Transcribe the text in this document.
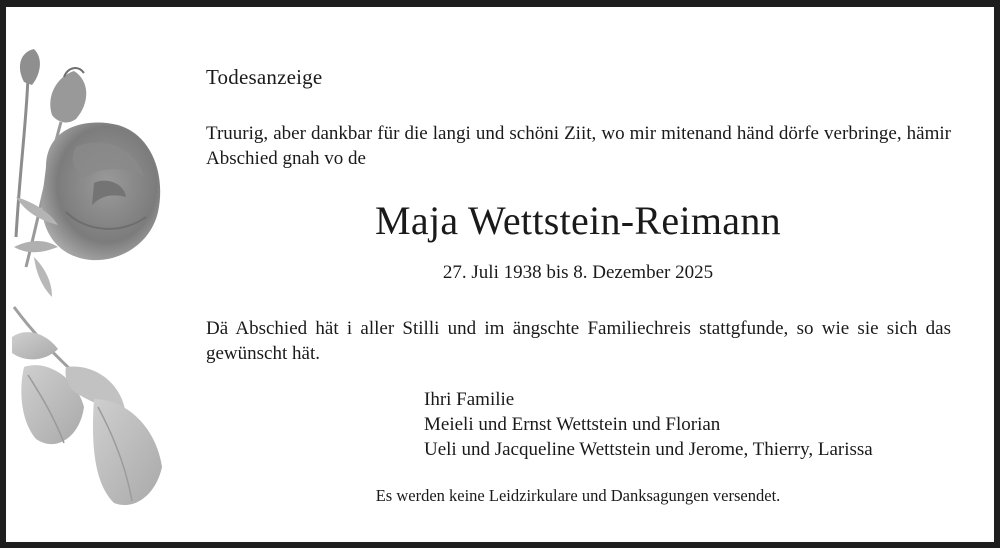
Todesanzeige
Truurig, aber dankbar für die langi und schöni Ziit, wo mir mitenand händ dörfe verbringe, hämir Abschied gnah vo de
Maja Wettstein-Reimann
27. Juli 1938 bis 8. Dezember 2025
Dä Abschied hät i aller Stilli und im ängschte Familiechreis stattgfunde, so wie sie sich das gewünscht hät.
Ihri Familie
Meieli und Ernst Wettstein und Florian
Ueli und Jacqueline Wettstein und Jerome, Thierry, Larissa
Es werden keine Leidzirkulare und Danksagungen versendet.
